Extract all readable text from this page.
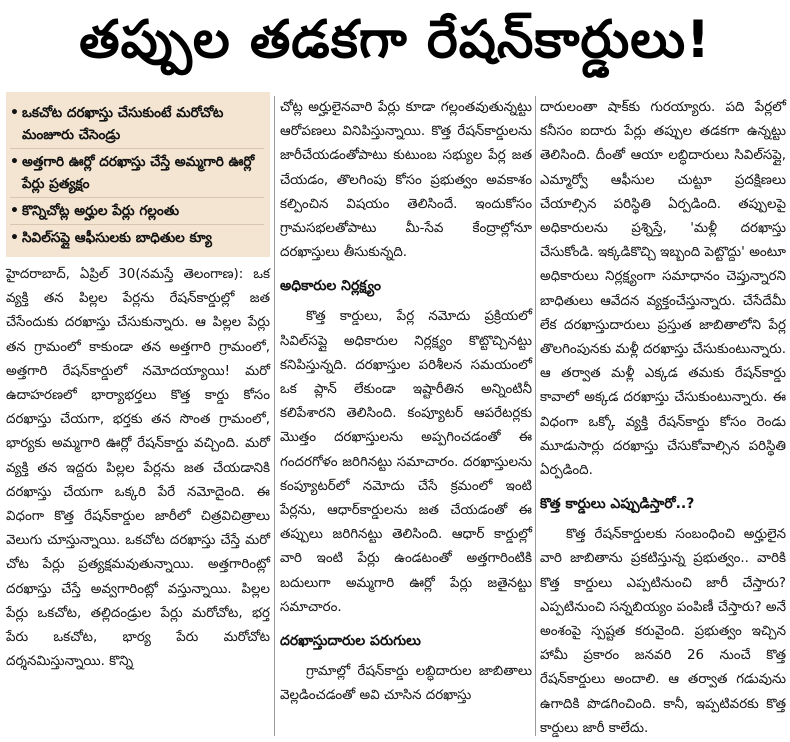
తప్పుల తడకగా రేషన్‌కార్డులు!
• ఒకచోట దరఖాస్తు చేసుకుంటే మరోచోట మంజూరు చేసెండ్రు
• అత్తగారి ఊర్లో దరఖాస్తు చేస్తే అమ్మగారి ఊర్లో పేర్లు ప్రత్యక్షం
• కొన్నిచోట్ల అర్హుల పేర్లు గల్లంతు
• సివిల్‌సప్లై ఆఫీసులకు బాధితుల క్యూ

హైదరాబాద్‌, ఏప్రిల్‌ 30(నమస్తే తెలంగాణ): ఒక వ్యక్తి తన పిల్లల పేర్లను రేషన్‌కార్డుల్లో జత చేసేందుకు దరఖాస్తు చేసుకున్నారు. ఆ పిల్లల పేర్లు తన గ్రామంలో కాకుండా తన అత్తగారి గ్రామంలో, అత్తగారి రేషన్‌కార్డులో నమోదయ్యాయి! మరో ఉదాహరణలో భార్యాభర్తలు కొత్త కార్డు కోసం దరఖాస్తు చేయగా, భర్తకు తన సొంత గ్రామంలో, భార్యకు అమ్మగారి ఊర్లో రేషన్‌కార్డు వచ్చింది. మరో వ్యక్తి తన ఇద్దరు పిల్లల పేర్లను జత చేయడానికి దరఖాస్తు చేయగా ఒక్కరి పేరే నమోదైంది. ఈ విధంగా కొత్త రేషన్‌కార్డుల జారీలో చిత్రవిచిత్రాలు వెలుగు చూస్తున్నాయి. ఒకచోట దరఖాస్తు చేస్తే మరో చోట పేర్లు ప్రత్యక్షమవుతున్నాయి. అత్తగారింట్లో దరఖాస్తు చేస్తే అవ్వగారింట్లో వస్తున్నాయి. పిల్లల పేర్లు ఒకచోట, తల్లిదండ్రుల పేర్లు మరోచోట, భర్త పేరు ఒకచోట, భార్య పేరు మరోచోట దర్శనమిస్తున్నాయి. కొన్ని

చోట్ల అర్హులైనవారి పేర్లు కూడా గల్లంతవుతున్నట్టు ఆరోపణలు వినిపిస్తున్నాయి. కొత్త రేషన్‌కార్డులను జారీచేయడంతోపాటు కుటుంబ సభ్యుల పేర్ల జత చేయడం, తొలగింపు కోసం ప్రభుత్వం అవకాశం కల్పించిన విషయం తెలిసిందే. ఇందుకోసం గ్రామసభలతోపాటు మీ-సేవ కేంద్రాల్లోనూ దరఖాస్తులు తీసుకున్నది.

అధికారుల నిర్లక్ష్యం

కొత్త కార్డులు, పేర్ల నమోదు ప్రక్రియలో సివిల్‌సప్లై అధికారుల నిర్లక్ష్యం కొట్టొచ్చినట్టు కనిపిస్తున్నది. దరఖాస్తుల పరిశీలన సమయంలో ఒక ప్లాన్‌ లేకుండా ఇష్టారీతిన అన్నింటినీ కలిపేశారని తెలిసింది. కంప్యూటర్‌ ఆపరేటర్లకు మొత్తం దరఖాస్తులను అప్పగించడంతో ఈ గందరగోళం జరిగినట్టు సమాచారం. దరఖాస్తులను కంప్యూటర్‌లో నమోదు చేసే క్రమంలో ఇంటి పేర్లను, ఆధార్‌కార్డులను జత చేయడంతో ఈ తప్పులు జరిగినట్టు తెలిసింది. ఆధార్‌ కార్డుల్లో వారి ఇంటి పేర్లు ఉండటంతో అత్తగారింటికి బదులుగా అమ్మగారి ఊర్లో పేర్లు జతైనట్టు సమాచారం.

దరఖాస్తుదారుల పరుగులు

గ్రామాల్లో రేషన్‌కార్డు లబ్ధిదారుల జాబితాలు వెల్లడించడంతో అవి చూసిన దరఖాస్తు

దారులంతా షాక్‌కు గురయ్యారు. పది పేర్లలో కనీసం ఐదారు పేర్లు తప్పుల తడకగా ఉన్నట్టు తెలిసింది. దీంతో ఆయా లబ్ధిదారులు సివిల్‌సప్లై, ఎమ్మార్వో ఆఫీసుల చుట్టూ ప్రదక్షిణలు చేయాల్సిన పరిస్థితి ఏర్పడింది. తప్పులపై అధికారులను ప్రశ్నిస్తే, 'మళ్లీ దరఖాస్తు చేసుకోండి. ఇక్కడికొచ్చి ఇబ్బంది పెట్టొద్దు' అంటూ అధికారులు నిర్లక్ష్యంగా సమాధానం చెప్తున్నారని బాధితులు ఆవేదన వ్యక్తంచేస్తున్నారు. చేసేదేమీ లేక దరఖాస్తుదారులు ప్రస్తుత జాబితాలోని పేర్ల తొలగింపునకు మళ్లీ దరఖాస్తు చేసుకుంటున్నారు. ఆ తర్వాత మళ్లీ ఎక్కడ తమకు రేషన్‌కార్డు కావాలో అక్కడ దరఖాస్తు చేసుకుంటున్నారు. ఈ విధంగా ఒక్కో వ్యక్తి రేషన్‌కార్డు కోసం రెండు మూడుసార్లు దరఖాస్తు చేసుకోవాల్సిన పరిస్థితి ఏర్పడింది.

కొత్త కార్డులు ఎప్పుడిస్తారో..?

కొత్త రేషన్‌కార్డులకు సంబంధించి అర్హులైన వారి జాబితాను ప్రకటిస్తున్న ప్రభుత్వం.. వారికి కొత్త కార్డులు ఎప్పటినుంచి జారీ చేస్తారు? ఎప్పటినుంచి సన్నబియ్యం పంపిణీ చేస్తారు? అనే అంశంపై స్పష్టత కరువైంది. ప్రభుత్వం ఇచ్చిన హామీ ప్రకారం జనవరి 26 నుంచే కొత్త రేషన్‌కార్డులు అందాలి. ఆ తర్వాత గడువును ఉగాదికి పొడగించింది. కానీ, ఇప్పటివరకు కొత్త కార్డులు జారీ కాలేదు.
